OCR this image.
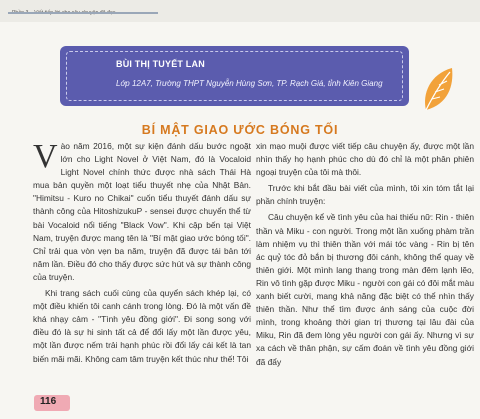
BÙI THỊ TUYẾT LAN
Lớp 12A7, Trường THPT Nguyễn Hùng Sơn, TP. Rạch Giá, tỉnh Kiên Giang
BÍ MẬT GIAO ƯỚC BÓNG TỐI

Vào năm 2016, một sự kiện đánh dấu bước ngoặt lớn cho Light Novel ở Việt Nam, đó là Vocaloid Light Novel chính thức được nhà sách Thái Hà mua bản quyền một loạt tiểu thuyết nhẹ của Nhật Bản. "Himitsu - Kuro no Chikai" cuốn tiểu thuyết đánh dấu sự thành công của HitoshizukuP - sensei được chuyển thể từ bài Vocaloid nổi tiếng "Black Vow". Khi cập bến tại Việt Nam, truyện được mang tên là "Bí mật giao ước bóng tối". Chỉ trải qua vòn vẹn ba năm, truyện đã được tái bản tới năm lần. Điều đó cho thấy được sức hút và sự thành công của truyện.

Khi trang sách cuối cùng của quyển sách khép lại, có một điều khiến tôi canh cánh trong lòng. Đó là một vấn đề khá nhạy cảm - "Tình yêu đồng giới". Đi song song với điều đó là sự hi sinh tất cả để đổi lấy một lần được yêu, một lần được nếm trải hạnh phúc rồi đổi lấy cái kết là tan biến mãi mãi. Không cam tâm truyện kết thúc như thế! Tôi

xin mạo muội được viết tiếp câu chuyện ấy, được một lần nhìn thấy họ hạnh phúc cho dù đó chỉ là một phân phiên ngoại truyện của tôi mà thôi.

Trước khi bắt đầu bài viết của mình, tôi xin tóm tắt lại phần chính truyện:

Câu chuyện kể về tình yêu của hai thiếu nữ: Rin - thiên thần và Miku - con người. Trong một lần xuống phàm trần làm nhiệm vụ thì thiên thần với mái tóc vàng - Rin bị tên ác quỷ tóc đỏ bắn bị thương đôi cánh, không thể quay về thiên giới. Một mình lang thang trong màn đêm lạnh lẽo, Rin vô tình gặp được Miku - người con gái có đôi mắt màu xanh biết cười, mang khả năng đặc biệt có thể nhìn thấy thiên thần. Như thể tìm được ánh sáng của cuộc đời mình, trong khoảng thời gian trị thương tại lâu đài của Miku, Rin đã đem lòng yêu người con gái ấy. Nhưng vì sự xa cách về thân phận, sự cấm đoán về tình yêu đồng giới đã đẩy

116
